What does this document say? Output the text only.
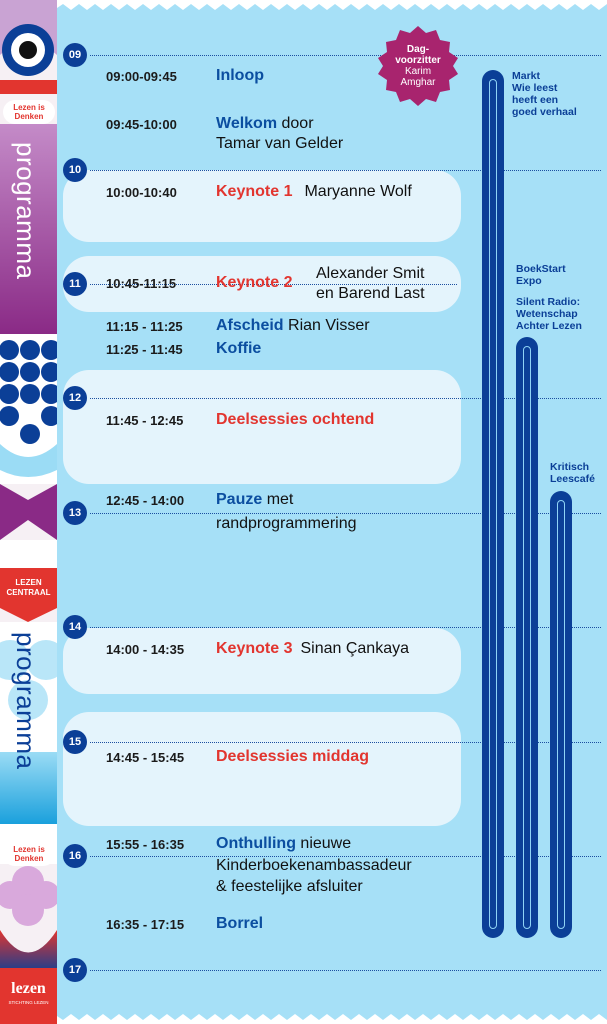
Lezen is Denken
programma
LEZEN CENTRAAL
programma
Lezen is Denken
lezen
STICHTING LEZEN
09
10
11
12
13
14
15
16
17
09:00-09:45 Inloop
09:45-10:00 Welkom door
Tamar van Gelder
10:00-10:40 Keynote 1 Maryanne Wolf
10:45-11:15 Keynote 2
Alexander Smit
en Barend Last
11:15 - 11:25 Afscheid Rian Visser
11:25 - 11:45 Koffie
11:45 - 12:45 Deelsessies ochtend
12:45 - 14:00 Pauze met
randprogrammering
14:00 - 14:35 Keynote 3 Sinan Çankaya
14:45 - 15:45 Deelsessies middag
15:55 - 16:35 Onthulling nieuwe
Kinderboekenambassadeur
& feestelijke afsluiter
16:35 - 17:15 Borrel
Dag-
voorzitter
Karim
Amghar
Markt
Wie leest
heeft een
goed verhaal
BoekStart
Expo
Silent Radio:
Wetenschap
Achter Lezen
Kritisch
Leescafé
